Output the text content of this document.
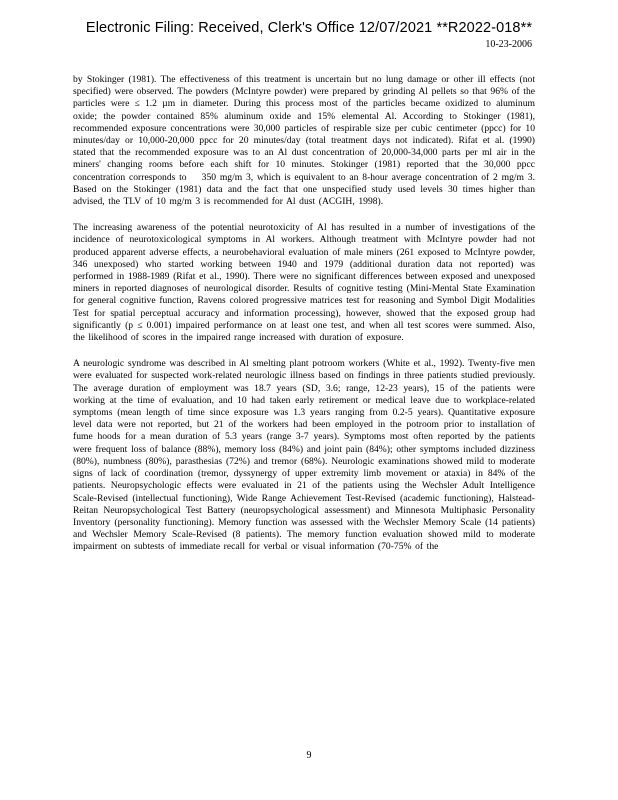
Electronic Filing: Received, Clerk's Office 12/07/2021 **R2022-018**
10-23-2006

by Stokinger (1981). The effectiveness of this treatment is uncertain but no lung damage or other ill effects (not specified) were observed. The powders (McIntyre powder) were prepared by grinding Al pellets so that 96% of the particles were ≤ 1.2 µm in diameter. During this process most of the particles became oxidized to aluminum oxide; the powder contained 85% aluminum oxide and 15% elemental Al. According to Stokinger (1981), recommended exposure concentrations were 30,000 particles of respirable size per cubic centimeter (ppcc) for 10 minutes/day or 10,000-20,000 ppcc for 20 minutes/day (total treatment days not indicated). Rifat et al. (1990) stated that the recommended exposure was to an Al dust concentration of 20,000-34,000 parts per ml air in the miners' changing rooms before each shift for 10 minutes. Stokinger (1981) reported that the 30,000 ppcc concentration corresponds to   350 mg/m 3, which is equivalent to an 8-hour average concentration of 2 mg/m 3. Based on the Stokinger (1981) data and the fact that one unspecified study used levels 30 times higher than advised, the TLV of 10 mg/m 3 is recommended for Al dust (ACGIH, 1998).

The increasing awareness of the potential neurotoxicity of Al has resulted in a number of investigations of the incidence of neurotoxicological symptoms in Al workers. Although treatment with McIntyre powder had not produced apparent adverse effects, a neurobehavioral evaluation of male miners (261 exposed to McIntyre powder, 346 unexposed) who started working between 1940 and 1979 (additional duration data not reported) was performed in 1988-1989 (Rifat et al., 1990). There were no significant differences between exposed and unexposed miners in reported diagnoses of neurological disorder. Results of cognitive testing (Mini-Mental State Examination for general cognitive function, Ravens colored progressive matrices test for reasoning and Symbol Digit Modalities Test for spatial perceptual accuracy and information processing), however, showed that the exposed group had significantly (p ≤ 0.001) impaired performance on at least one test, and when all test scores were summed. Also, the likelihood of scores in the impaired range increased with duration of exposure.

A neurologic syndrome was described in Al smelting plant potroom workers (White et al., 1992). Twenty-five men were evaluated for suspected work-related neurologic illness based on findings in three patients studied previously. The average duration of employment was 18.7 years (SD, 3.6; range, 12-23 years), 15 of the patients were working at the time of evaluation, and 10 had taken early retirement or medical leave due to workplace-related symptoms (mean length of time since exposure was 1.3 years ranging from 0.2-5 years). Quantitative exposure level data were not reported, but 21 of the workers had been employed in the potroom prior to installation of fume hoods for a mean duration of 5.3 years (range 3-7 years). Symptoms most often reported by the patients were frequent loss of balance (88%), memory loss (84%) and joint pain (84%); other symptoms included dizziness (80%), numbness (80%), parasthesias (72%) and tremor (68%). Neurologic examinations showed mild to moderate signs of lack of coordination (tremor, dyssynergy of upper extremity limb movement or ataxia) in 84% of the patients. Neuropsychologic effects were evaluated in 21 of the patients using the Wechsler Adult Intelligence Scale-Revised (intellectual functioning), Wide Range Achievement Test-Revised (academic functioning), Halstead-Reitan Neuropsychological Test Battery (neuropsychological assessment) and Minnesota Multiphasic Personality Inventory (personality functioning). Memory function was assessed with the Wechsler Memory Scale (14 patients) and Wechsler Memory Scale-Revised (8 patients). The memory function evaluation showed mild to moderate impairment on subtests of immediate recall for verbal or visual information (70-75% of the

9
